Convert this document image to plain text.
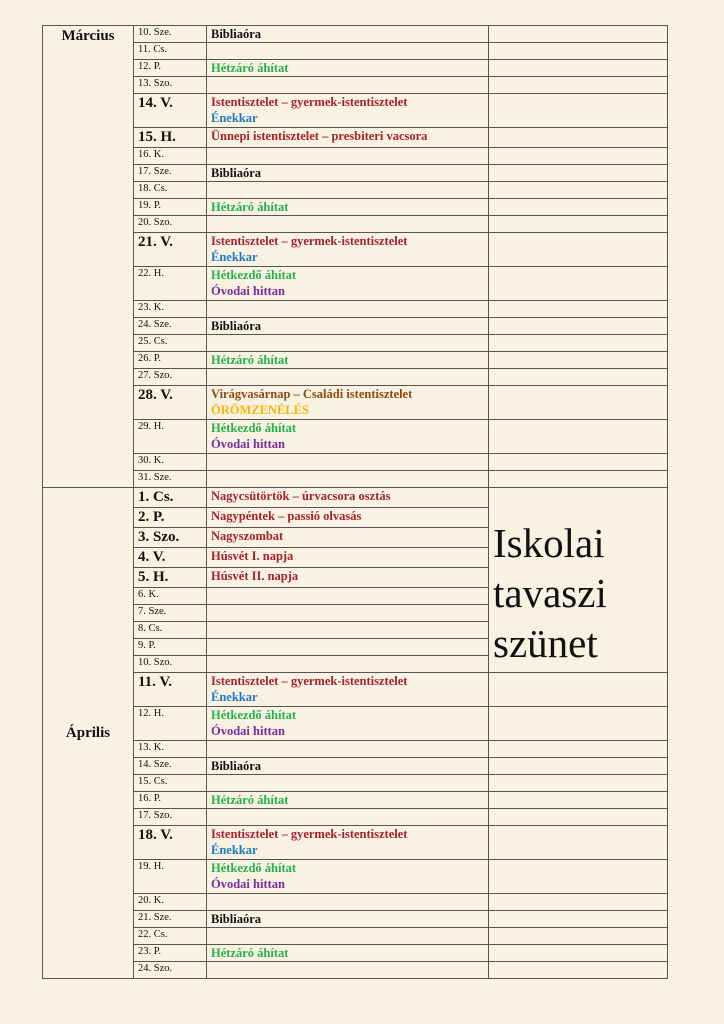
Március	10. Sze.	Bibliaóra	

	11. Cs.		
	12. P.	Hétzáró áhítat	

	13. Szo.		
	14. V.	Istentisztelet – gyermek-istentisztelet
Énekkar	

	15. H.	Ünnepi istentisztelet – presbiteri vacsora	

	16. K.		
	17. Sze.	Bibliaóra	

	18. Cs.		
	19. P.	Hétzáró áhítat	

	20. Szo.		
	21. V.	Istentisztelet – gyermek-istentisztelet
Énekkar	

	22. H.	Hétkezdő áhítat
Óvodai hittan	

	23. K.		
	24. Sze.	Bibliaóra	

	25. Cs.		
	26. P.	Hétzáró áhítat	

	27. Szo.		
	28. V.	Virágvasárnap – Családi istentisztelet
ÖRÖMZENÉLÉS	

	29. H.	Hétkezdő áhítat
Óvodai hittan	

	30. K.		
	31. Sze.		
Április	1. Cs.	Nagycsütörtök – úrvacsora osztás	Iskolai tavaszi szünet
	2. P.	Nagypéntek – passió olvasás	

	3. Szo.	Nagyszombat	

	4. V.	Húsvét I. napja	

	5. H.	Húsvét II. napja	

	6. K.		
	7. Sze.		
	8. Cs.		
	9. P.		
	10. Szo.		
	11. V.	Istentisztelet – gyermek-istentisztelet
Énekkar	

	12. H.	Hétkezdő áhítat
Óvodai hittan	

	13. K.		
	14. Sze.	Bibliaóra	

	15. Cs.		
	16. P.	Hétzáró áhítat	

	17. Szo.		
	18. V.	Istentisztelet – gyermek-istentisztelet
Énekkar	

	19. H.	Hétkezdő áhítat
Óvodai hittan	

	20. K.		
	21. Sze.	Bibliaóra	

	22. Cs.		
	23. P.	Hétzáró áhítat	

	24. Szo.		
